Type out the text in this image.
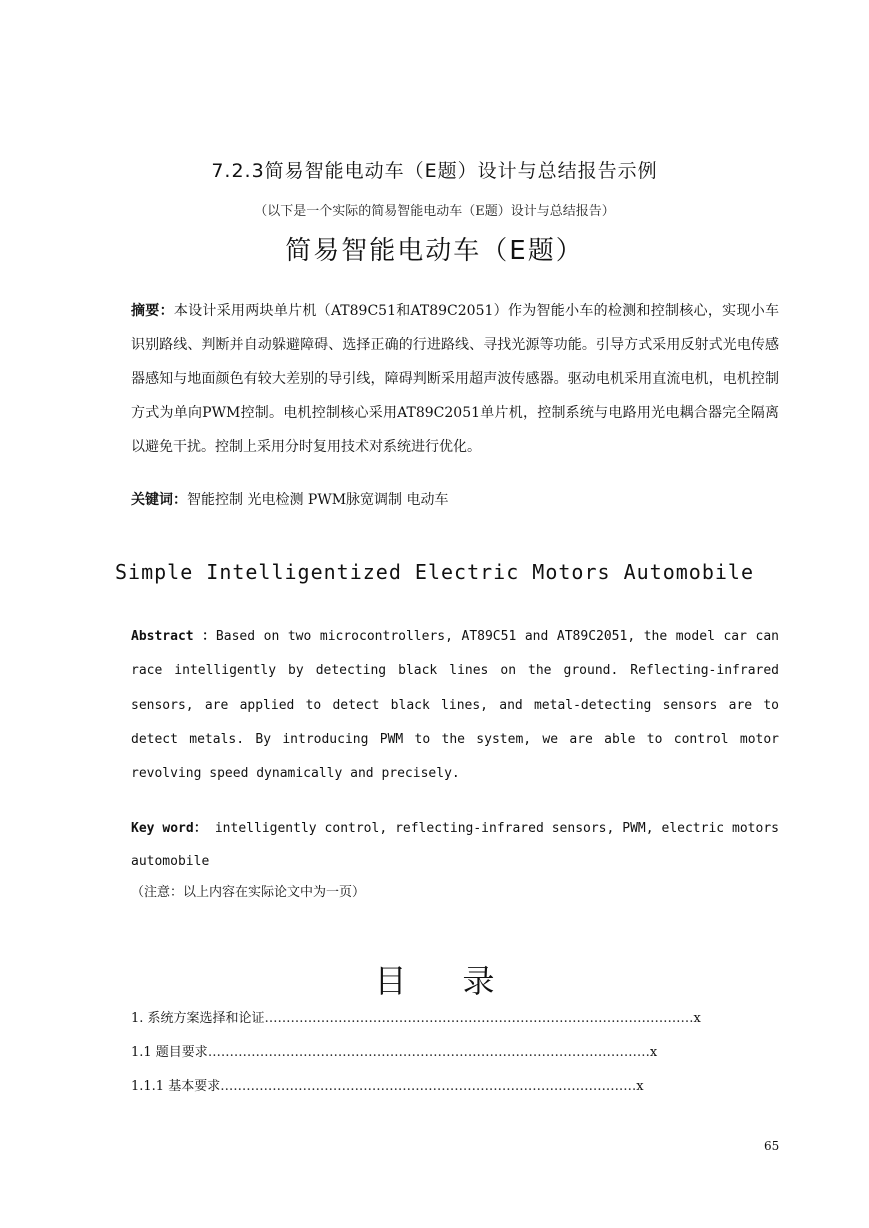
7.2.3简易智能电动车（E题）设计与总结报告示例
（以下是一个实际的简易智能电动车（E题）设计与总结报告）
简易智能电动车（E题）
摘要：本设计采用两块单片机（AT89C51和AT89C2051）作为智能小车的检测和控制核心，实现小车识别路线、判断并自动躲避障碍、选择正确的行进路线、寻找光源等功能。引导方式采用反射式光电传感器感知与地面颜色有较大差别的导引线，障碍判断采用超声波传感器。驱动电机采用直流电机，电机控制方式为单向PWM控制。电机控制核心采用AT89C2051单片机，控制系统与电路用光电耦合器完全隔离以避免干扰。控制上采用分时复用技术对系统进行优化。
关键词：智能控制 光电检测 PWM脉宽调制 电动车
Simple Intelligentized Electric Motors Automobile
Abstract ：Based on two microcontrollers, AT89C51 and AT89C2051, the model car can race intelligently by detecting black lines on the ground. Reflecting-infrared sensors, are applied to detect black lines, and metal-detecting sensors are to detect metals. By introducing PWM to the system, we are able to control motor revolving speed dynamically and precisely.
Key word： intelligently control, reflecting-infrared sensors, PWM, electric motors automobile
（注意：以上内容在实际论文中为一页）
目 录
1. 系统方案选择和论证………………………………………………………………………………………x
1.1 题目要求…………………………………………………………………………………………x
1.1.1 基本要求……………………………………………………………………………………x
65
